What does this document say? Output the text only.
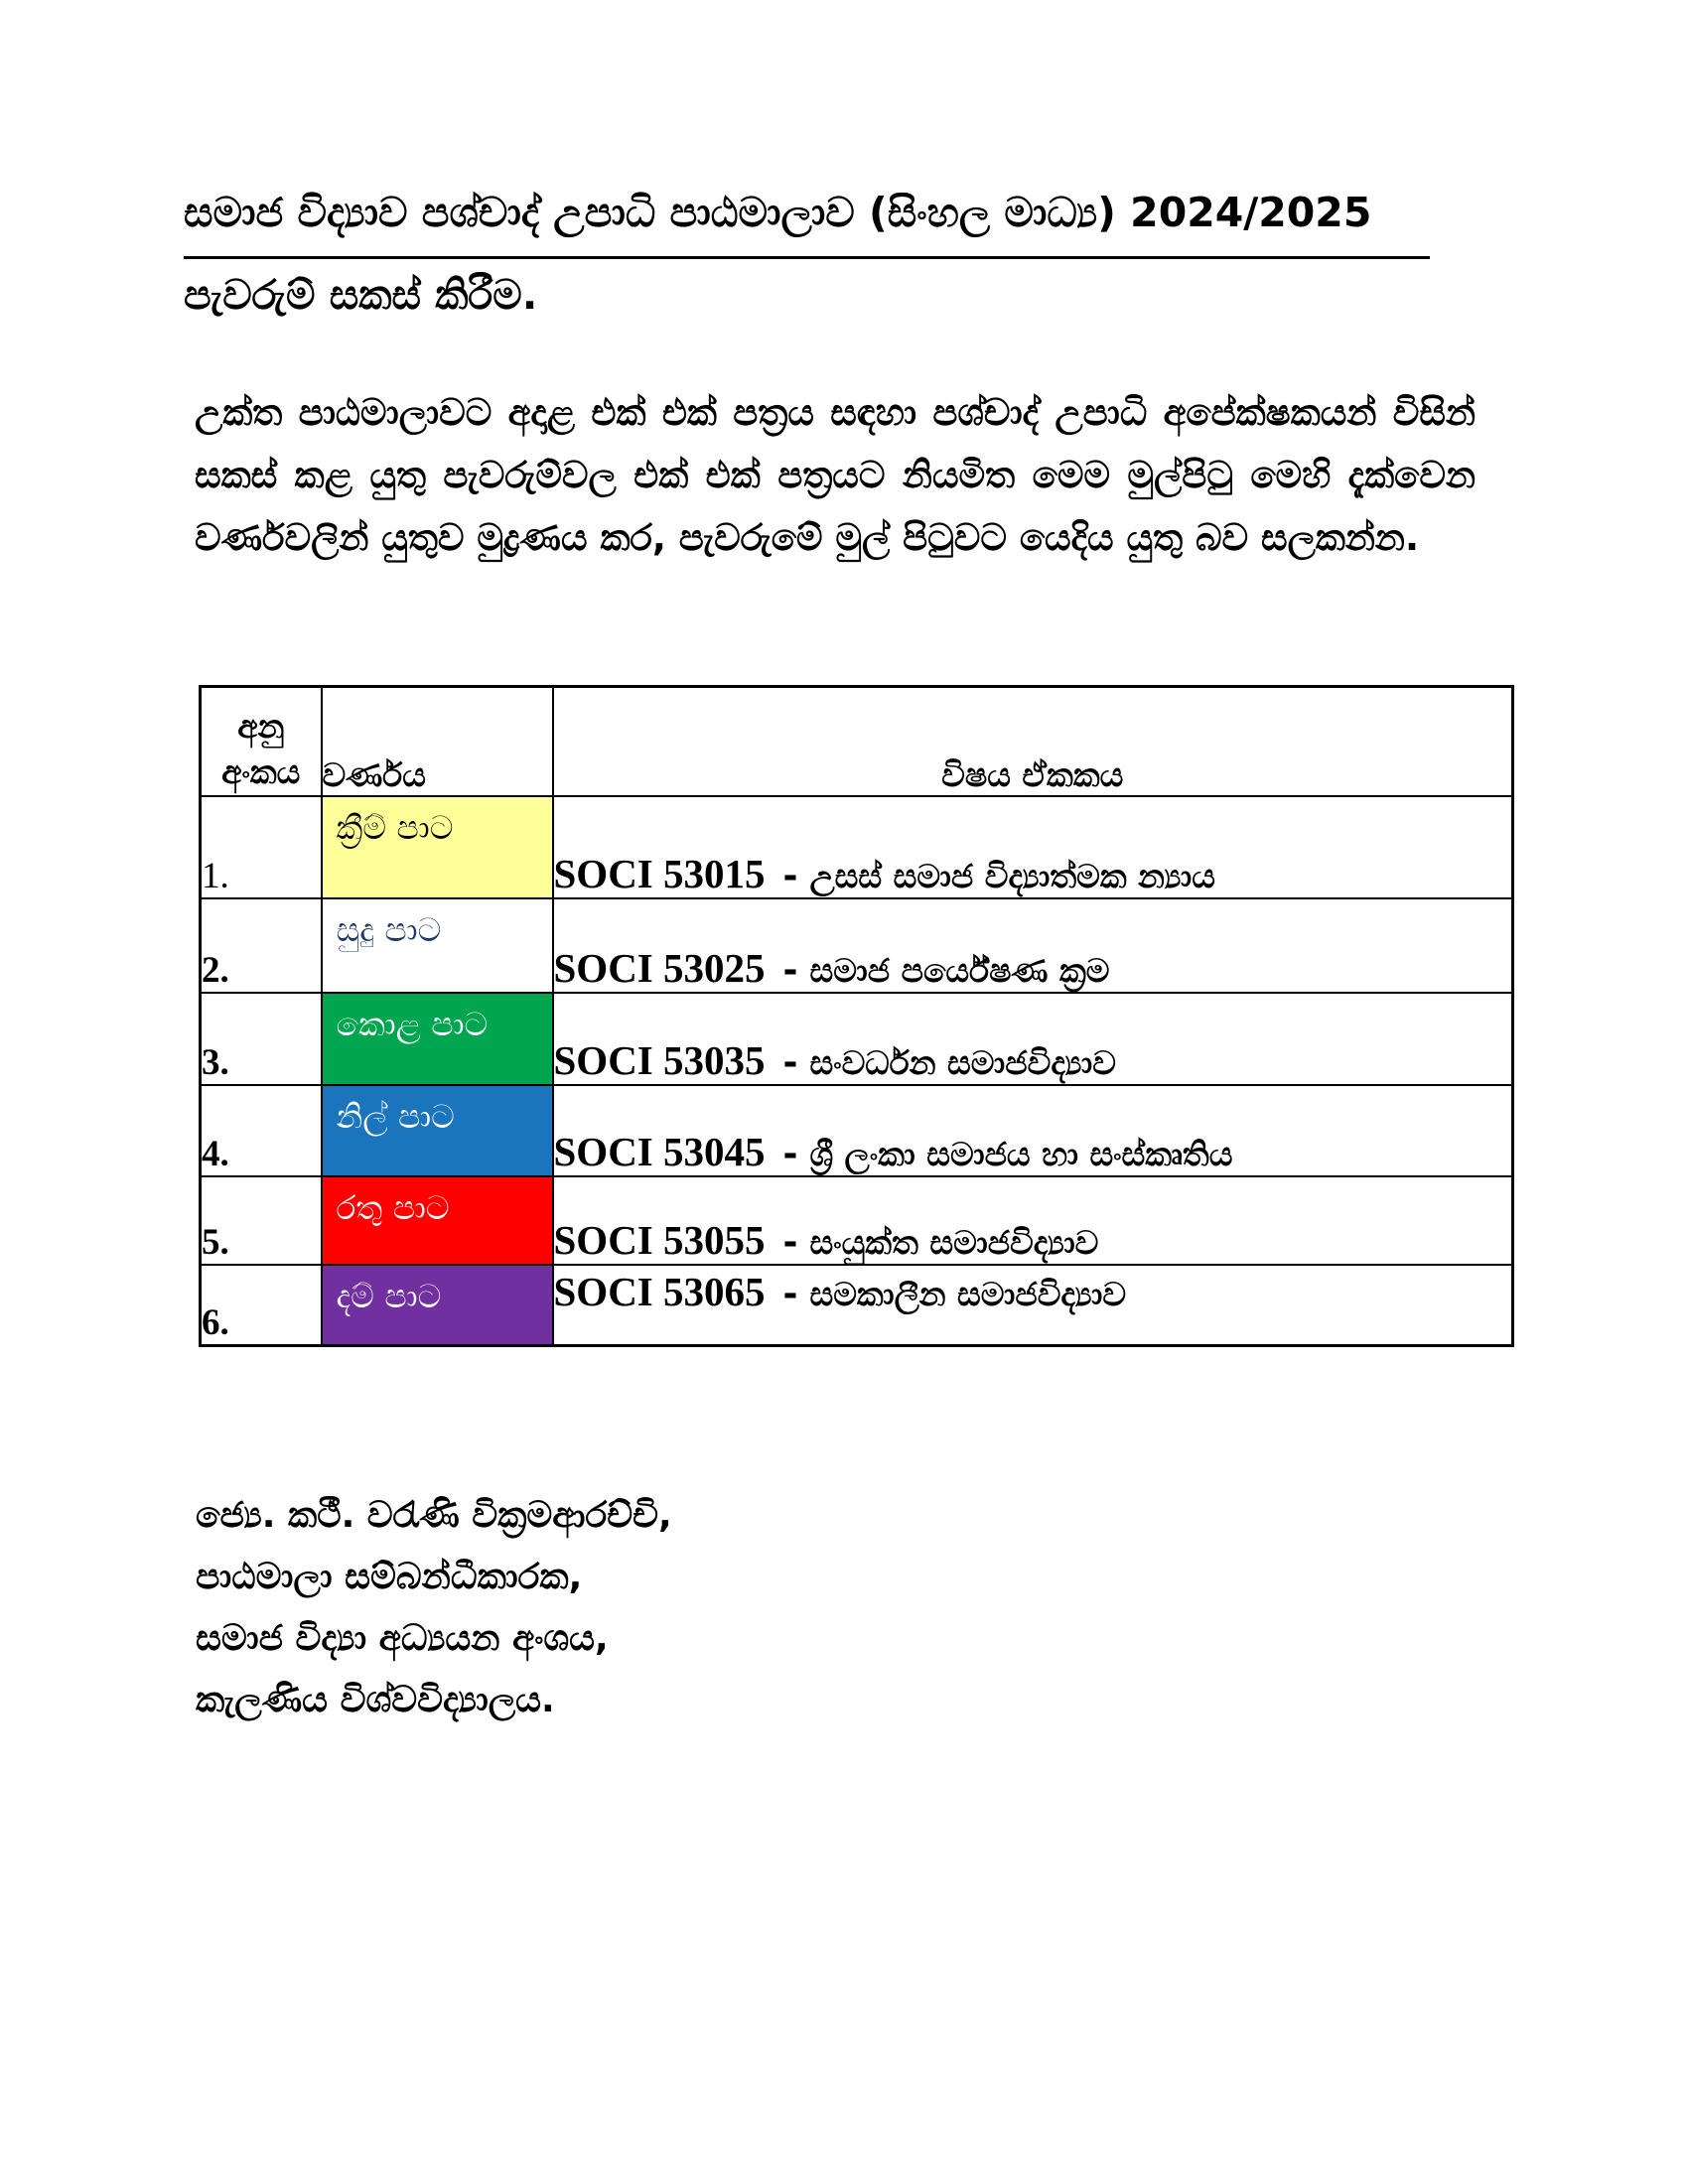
සමාජ විද්‍යාව පශ්චාද් උපාධි පාඨමාලාව (සිංහල මාධ්‍ය) 2024/2025
පැවරුම් සකස් කිරීම.
උක්ත පාඨමාලාවට අදාළ එක් එක් පත්‍රය සඳහා පශ්චාද් උපාධි අපේක්ෂකයන් විසින් සකස් කළ යුතු පැවරුම්වල එක් එක් පත්‍රයට නියමිත මෙම මුල්පිටු මෙහි දැක්වෙන වර්ණවලින් යුතුව මුද්‍රණය කර, පැවරුමේ මුල් පිටුවට යෙදිය යුතු බව සලකන්න.
අනු අංකය	වර්ණය	විෂය ඒකකය
1.	ක්‍රීම් පාට	SOCI 53015 - උසස් සමාජ විද්‍යාත්මක න්‍යාය
2.	සුදු පාට	SOCI 53025 - සමාජ පර්යේෂණ ක්‍රම
3.	කොළ පාට	SOCI 53035 - සංවර්ධන සමාජවිද්‍යාව
4.	නිල් පාට	SOCI 53045 - ශ්‍රී ලංකා සමාජය හා සංස්කෘතිය
5.	රතු පාට	SOCI 53055 - සංයුක්ත සමාජවිද්‍යාව
6.	දම් පාට	SOCI 53065 - සමකාලීන සමාජවිද්‍යාව
ජ්‍යෙ. කථී. වරැණි වික්‍රමආරච්චි,
පාඨමාලා සම්බන්ධීකාරක,
සමාජ විද්‍යා අධ්‍යයන අංශය,
කැලණිය විශ්වවිද්‍යාලය.
